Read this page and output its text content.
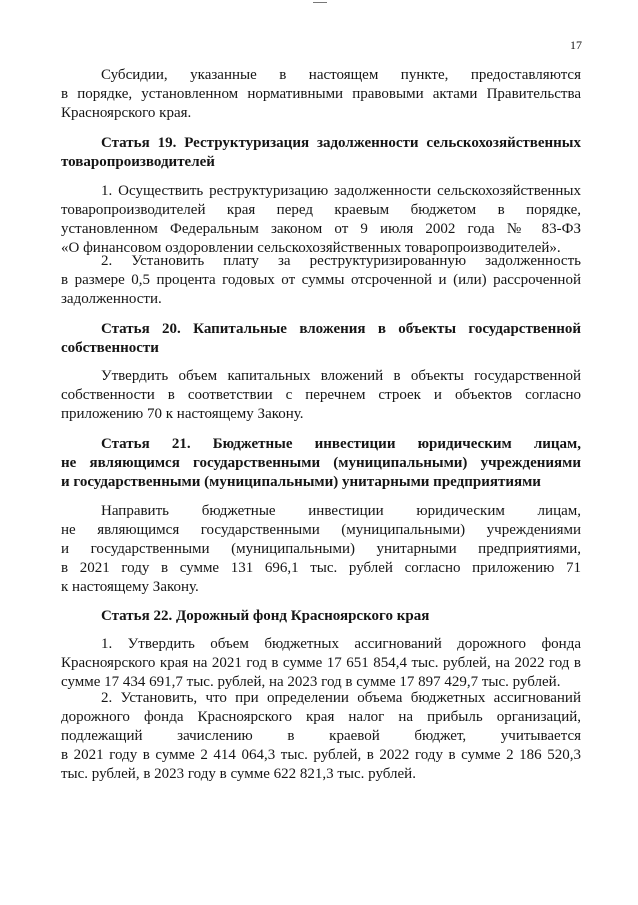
17
Субсидии, указанные в настоящем пункте, предоставляются
в порядке, установленном нормативными правовыми актами Правительства
Красноярского края.
Статья 19. Реструктуризация задолженности сельскохозяйственных
товаропроизводителей
1. Осуществить реструктуризацию задолженности сельскохозяйственных
товаропроизводителей края перед краевым бюджетом в порядке,
установленном Федеральным законом от 9 июля 2002 года № 83-ФЗ
«О финансовом оздоровлении сельскохозяйственных товаропроизводителей».
2. Установить плату за реструктуризированную задолженность
в размере 0,5 процента годовых от суммы отсроченной и (или) рассроченной
задолженности.
Статья 20. Капитальные вложения в объекты государственной
собственности
Утвердить объем капитальных вложений в объекты государственной
собственности в соответствии с перечнем строек и объектов согласно
приложению 70 к настоящему Закону.
Статья 21. Бюджетные инвестиции юридическим лицам,
не являющимся государственными (муниципальными) учреждениями
и государственными (муниципальными) унитарными предприятиями
Направить бюджетные инвестиции юридическим лицам,
не являющимся государственными (муниципальными) учреждениями
и государственными (муниципальными) унитарными предприятиями,
в 2021 году в сумме 131 696,1 тыс. рублей согласно приложению 71
к настоящему Закону.
Статья 22. Дорожный фонд Красноярского края
1. Утвердить объем бюджетных ассигнований дорожного фонда
Красноярского края на 2021 год в сумме 17 651 854,4 тыс. рублей, на 2022 год в
сумме 17 434 691,7 тыс. рублей, на 2023 год в сумме 17 897 429,7 тыс. рублей.
2. Установить, что при определении объема бюджетных ассигнований
дорожного фонда Красноярского края налог на прибыль организаций,
подлежащий зачислению в краевой бюджет, учитывается
в 2021 году в сумме 2 414 064,3 тыс. рублей, в 2022 году в сумме 2 186 520,3
тыс. рублей, в 2023 году в сумме 622 821,3 тыс. рублей.
